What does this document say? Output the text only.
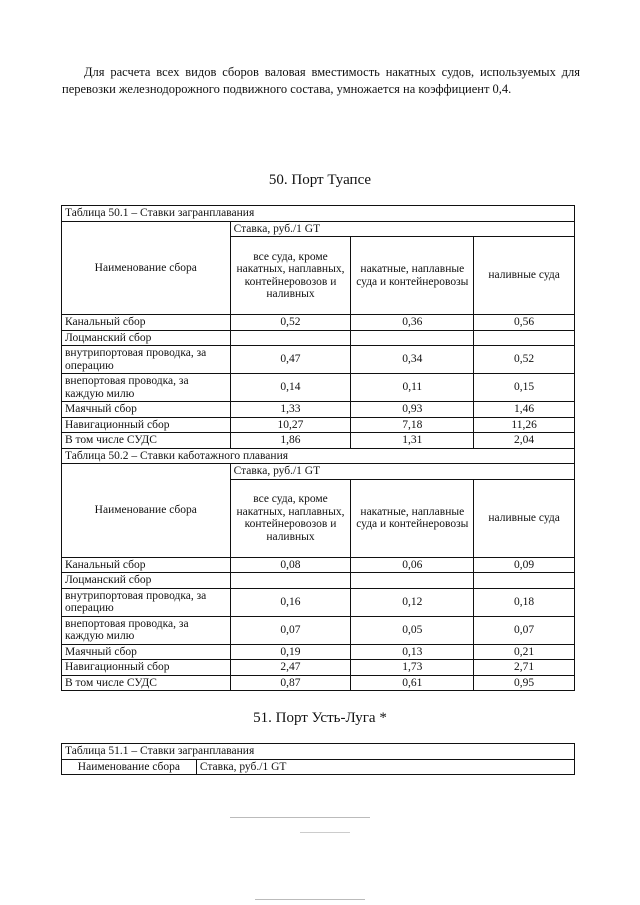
Для расчета всех видов сборов валовая вместимость накатных судов, используемых для перевозки железнодорожного подвижного состава, умножается на коэффициент 0,4.

50. Порт Туапсе
Таблица 50.1 – Ставки загранплавания			
Наименование сбора	Ставка, руб./1 GT		
	все суда, кроме накатных, наплавных, контейнеровозов и наливных	накатные, наплавные суда и контейнеровозы	наливные суда
Канальный сбор	0,52	0,36	0,56
Лоцманский сбор			
внутрипортовая проводка, за операцию	0,47	0,34	0,52
внепортовая проводка, за каждую милю	0,14	0,11	0,15
Маячный сбор	1,33	0,93	1,46
Навигационный сбор	10,27	7,18	11,26
В том числе СУДС	1,86	1,31	2,04
Таблица 50.2 – Ставки каботажного плавания			
Наименование сбора	Ставка, руб./1 GT		
	все суда, кроме накатных, наплавных, контейнеровозов и наливных	накатные, наплавные суда и контейнеровозы	наливные суда
Канальный сбор	0,08	0,06	0,09
Лоцманский сбор			
внутрипортовая проводка, за операцию	0,16	0,12	0,18
внепортовая проводка, за каждую милю	0,07	0,05	0,07
Маячный сбор	0,19	0,13	0,21
Навигационный сбор	2,47	1,73	2,71
В том числе СУДС	0,87	0,61	0,95
51. Порт Усть-Луга *
Таблица 51.1 – Ставки загранплавания
Наименование сбора	Ставка, руб./1 GT
